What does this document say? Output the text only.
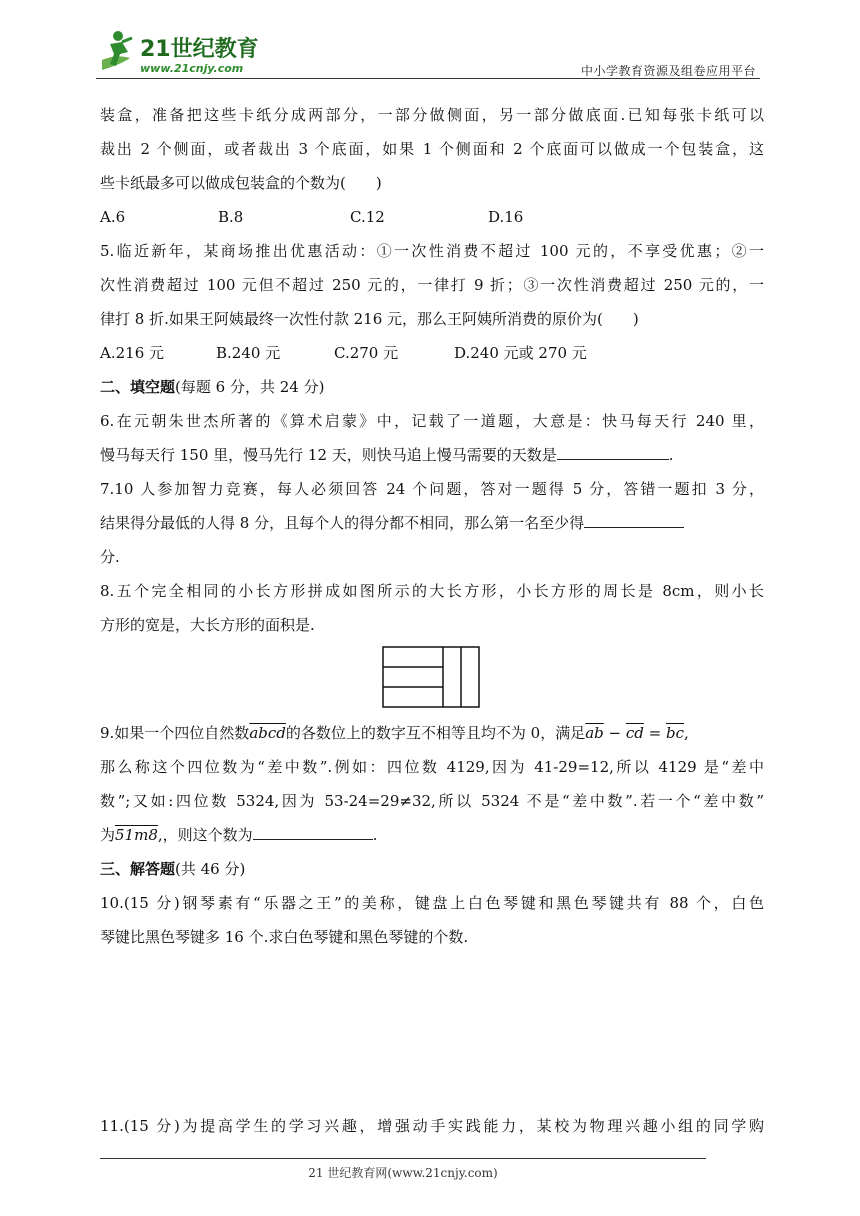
21世纪教育
www.21cnjy.com	中小学教育资源及组卷应用平台
装盒，准备把这些卡纸分成两部分，一部分做侧面，另一部分做底面.已知每张卡纸可以
裁出 2 个侧面，或者裁出 3 个底面，如果 1 个侧面和 2 个底面可以做成一个包装盒，这
些卡纸最多可以做成包装盒的个数为(　　)
A.6	B.8	C.12	D.16
5.临近新年，某商场推出优惠活动：①一次性消费不超过 100 元的，不享受优惠；②一
次性消费超过 100 元但不超过 250 元的，一律打 9 折；③一次性消费超过 250 元的，一
律打 8 折.如果王阿姨最终一次性付款 216 元，那么王阿姨所消费的原价为(　　)
A.216 元	B.240 元	C.270 元	D.240 元或 270 元
二、填空题(每题 6 分，共 24 分)
6.在元朝朱世杰所著的《算术启蒙》中，记载了一道题，大意是：快马每天行 240 里，
慢马每天行 150 里，慢马先行 12 天，则快马追上慢马需要的天数是	.
7.10 人参加智力竞赛，每人必须回答 24 个问题，答对一题得 5 分，答错一题扣 3 分，
结果得分最低的人得 8 分，且每个人的得分都不相同，那么第一名至少得
分.
8.五个完全相同的小长方形拼成如图所示的大长方形，小长方形的周长是 8cm，则小长
方形的宽是，大长方形的面积是.
9.如果一个四位自然数abcd的各数位上的数字互不相等且均不为 0，满足$\overline{ab} - \overline{cd} = \overline{bc}$,
那么称这个四位数为“差中数”.例如：四位数 4129,因为 41-29=12,所以 4129 是“差中
数”;又如:四位数 5324,因为 53-24=29≠32,所以 5324 不是“差中数”.若一个“差中数”
为51m8,，则这个数为	.
三、解答题(共 46 分)
10.(15 分)钢琴素有“乐器之王”的美称，键盘上白色琴键和黑色琴键共有 88 个，白色
琴键比黑色琴键多 16 个.求白色琴键和黑色琴键的个数.
11.(15 分)为提高学生的学习兴趣，增强动手实践能力，某校为物理兴趣小组的同学购
21 世纪教育网(www.21cnjy.com)
